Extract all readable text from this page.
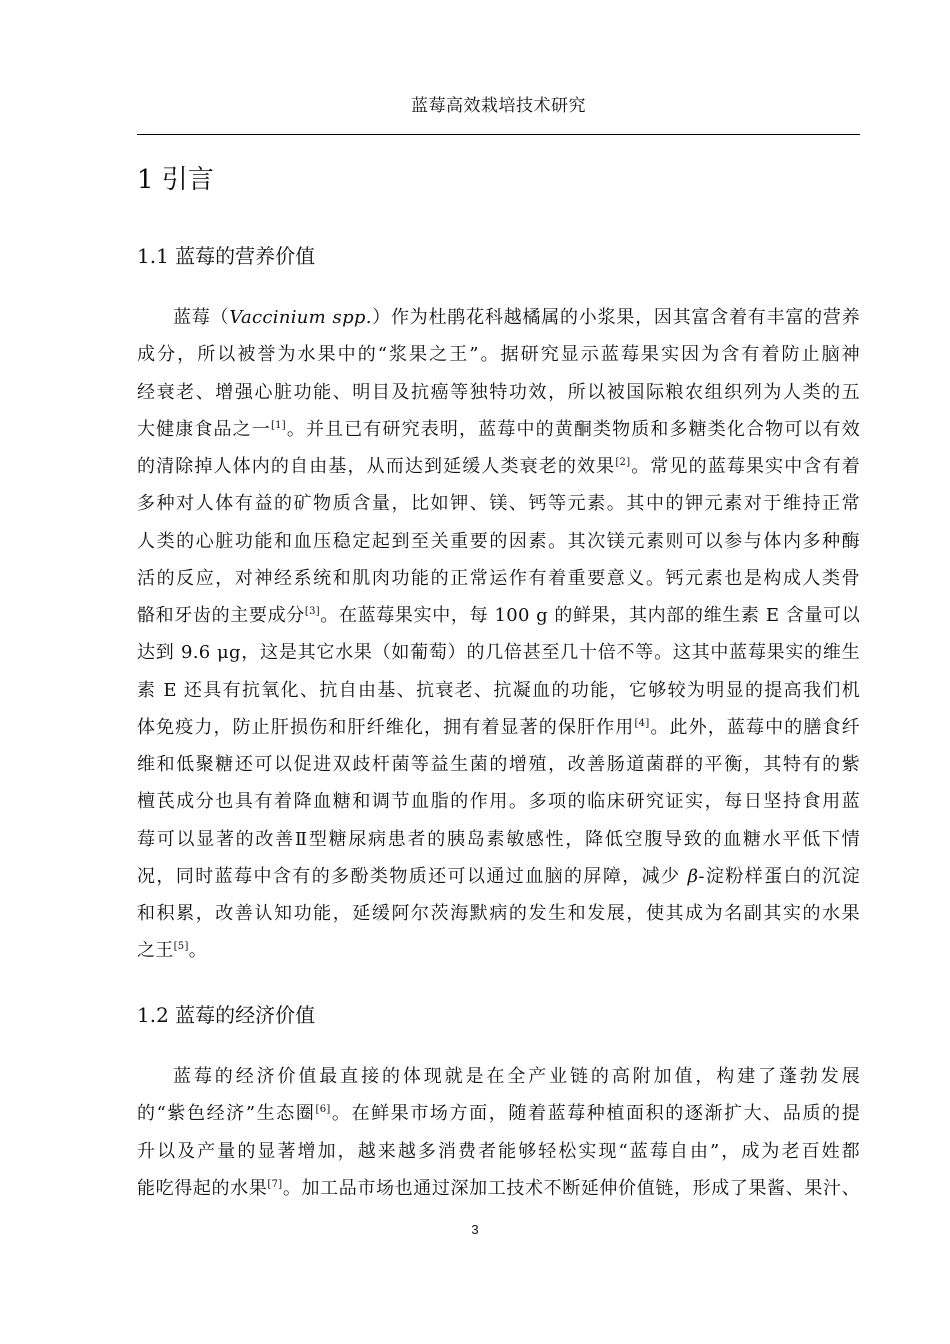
蓝莓高效栽培技术研究
1 引言
1.1 蓝莓的营养价值
蓝莓（Vaccinium spp.）作为杜鹃花科越橘属的小浆果，因其富含着有丰富的营养
成分，所以被誉为水果中的“浆果之王”。据研究显示蓝莓果实因为含有着防止脑神
经衰老、增强心脏功能、明目及抗癌等独特功效，所以被国际粮农组织列为人类的五
大健康食品之一[1]。并且已有研究表明，蓝莓中的黄酮类物质和多糖类化合物可以有效
的清除掉人体内的自由基，从而达到延缓人类衰老的效果[2]。常见的蓝莓果实中含有着
多种对人体有益的矿物质含量，比如钾、镁、钙等元素。其中的钾元素对于维持正常
人类的心脏功能和血压稳定起到至关重要的因素。其次镁元素则可以参与体内多种酶
活的反应，对神经系统和肌肉功能的正常运作有着重要意义。钙元素也是构成人类骨
骼和牙齿的主要成分[3]。在蓝莓果实中，每 100 g 的鲜果，其内部的维生素 E 含量可以
达到 9.6 μg，这是其它水果（如葡萄）的几倍甚至几十倍不等。这其中蓝莓果实的维生
素 E 还具有抗氧化、抗自由基、抗衰老、抗凝血的功能，它够较为明显的提高我们机
体免疫力，防止肝损伤和肝纤维化，拥有着显著的保肝作用[4]。此外，蓝莓中的膳食纤
维和低聚糖还可以促进双歧杆菌等益生菌的增殖，改善肠道菌群的平衡，其特有的紫
檀芪成分也具有着降血糖和调节血脂的作用。多项的临床研究证实，每日坚持食用蓝
莓可以显著的改善Ⅱ型糖尿病患者的胰岛素敏感性，降低空腹导致的血糖水平低下情
况，同时蓝莓中含有的多酚类物质还可以通过血脑的屏障，减少 β-淀粉样蛋白的沉淀
和积累，改善认知功能，延缓阿尔茨海默病的发生和发展，使其成为名副其实的水果
之王[5]。
1.2 蓝莓的经济价值
蓝莓的经济价值最直接的体现就是在全产业链的高附加值，构建了蓬勃发展
的“紫色经济”生态圈[6]。在鲜果市场方面，随着蓝莓种植面积的逐渐扩大、品质的提
升以及产量的显著增加，越来越多消费者能够轻松实现“蓝莓自由”，成为老百姓都
能吃得起的水果[7]。加工品市场也通过深加工技术不断延伸价值链，形成了果酱、果汁、
3
